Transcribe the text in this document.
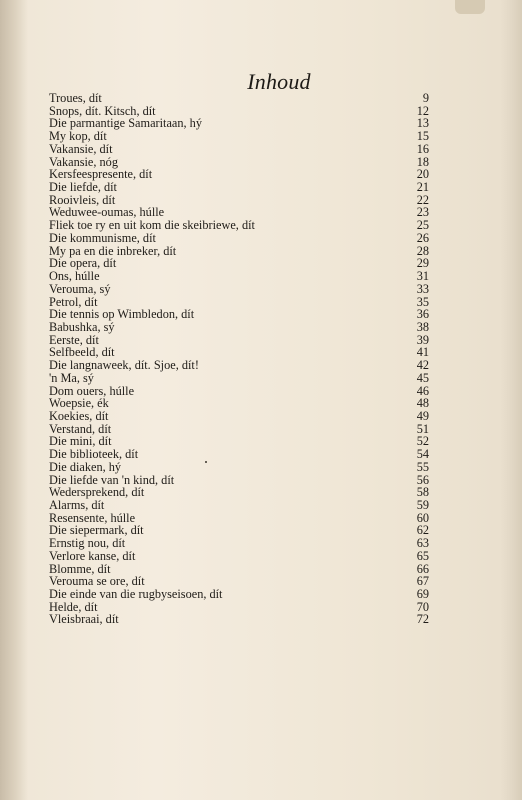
Inhoud
Troues, dít	9
Snops, dít. Kitsch, dít	12
Die parmantige Samaritaan, hý	13
My kop, dít	15
Vakansie, dít	16
Vakansie, nóg	18
Kersfeespresente, dít	20
Die liefde, dít	21
Rooivleis, dít	22
Weduwee-oumas, húlle	23
Fliek toe ry en uit kom die skeibriewe, dít	25
Die kommunisme, dít	26
My pa en die inbreker, dít	28
Die opera, dít	29
Ons, húlle	31
Verouma, sý	33
Petrol, dít	35
Die tennis op Wimbledon, dít	36
Babushka, sý	38
Eerste, dít	39
Selfbeeld, dít	41
Die langnaweek, dít. Sjoe, dít!	42
'n Ma, sý	45
Dom ouers, húlle	46
Woepsie, ék	48
Koekies, dít	49
Verstand, dít	51
Die mini, dít	52
Die biblioteek, dít	54
Die diaken, hý	55
Die liefde van 'n kind, dít	56
Wedersprekend, dít	58
Alarms, dít	59
Resensente, húlle	60
Die siepermark, dít	62
Ernstig nou, dít	63
Verlore kanse, dít	65
Blomme, dít	66
Verouma se ore, dít	67
Die einde van die rugbyseisoen, dít	69
Helde, dít	70
Vleisbraai, dít	72
